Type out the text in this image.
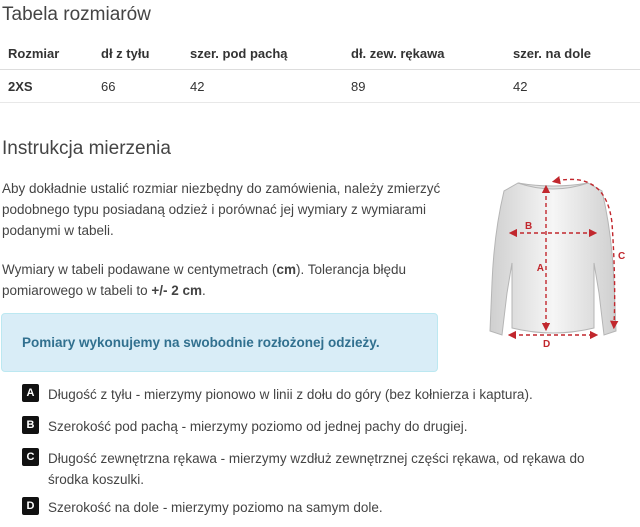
Tabela rozmiarów
Rozmiar	dł z tyłu	szer. pod pachą	dł. zew. rękawa	szer. na dole
2XS	66	42	89	42
Instrukcja mierzenia

Aby dokładnie ustalić rozmiar niezbędny do zamówienia, należy zmierzyć podobnego typu posiadaną odzież i porównać jej wymiary z wymiarami podanymi w tabeli.

Wymiary w tabeli podawane w centymetrach (cm). Tolerancja błędu pomiarowego w tabeli to +/- 2 cm.

Pomiary wykonujemy na swobodnie rozłożonej odzieży.
A
B
C
D
A	Długość z tyłu - mierzymy pionowo w linii z dołu do góry (bez kołnierza i kaptura).
B	Szerokość pod pachą - mierzymy poziomo od jednej pachy do drugiej.
C	Długość zewnętrzna rękawa - mierzymy wzdłuż zewnętrznej części rękawa, od rękawa do środka koszulki.
D	Szerokość na dole - mierzymy poziomo na samym dole.
